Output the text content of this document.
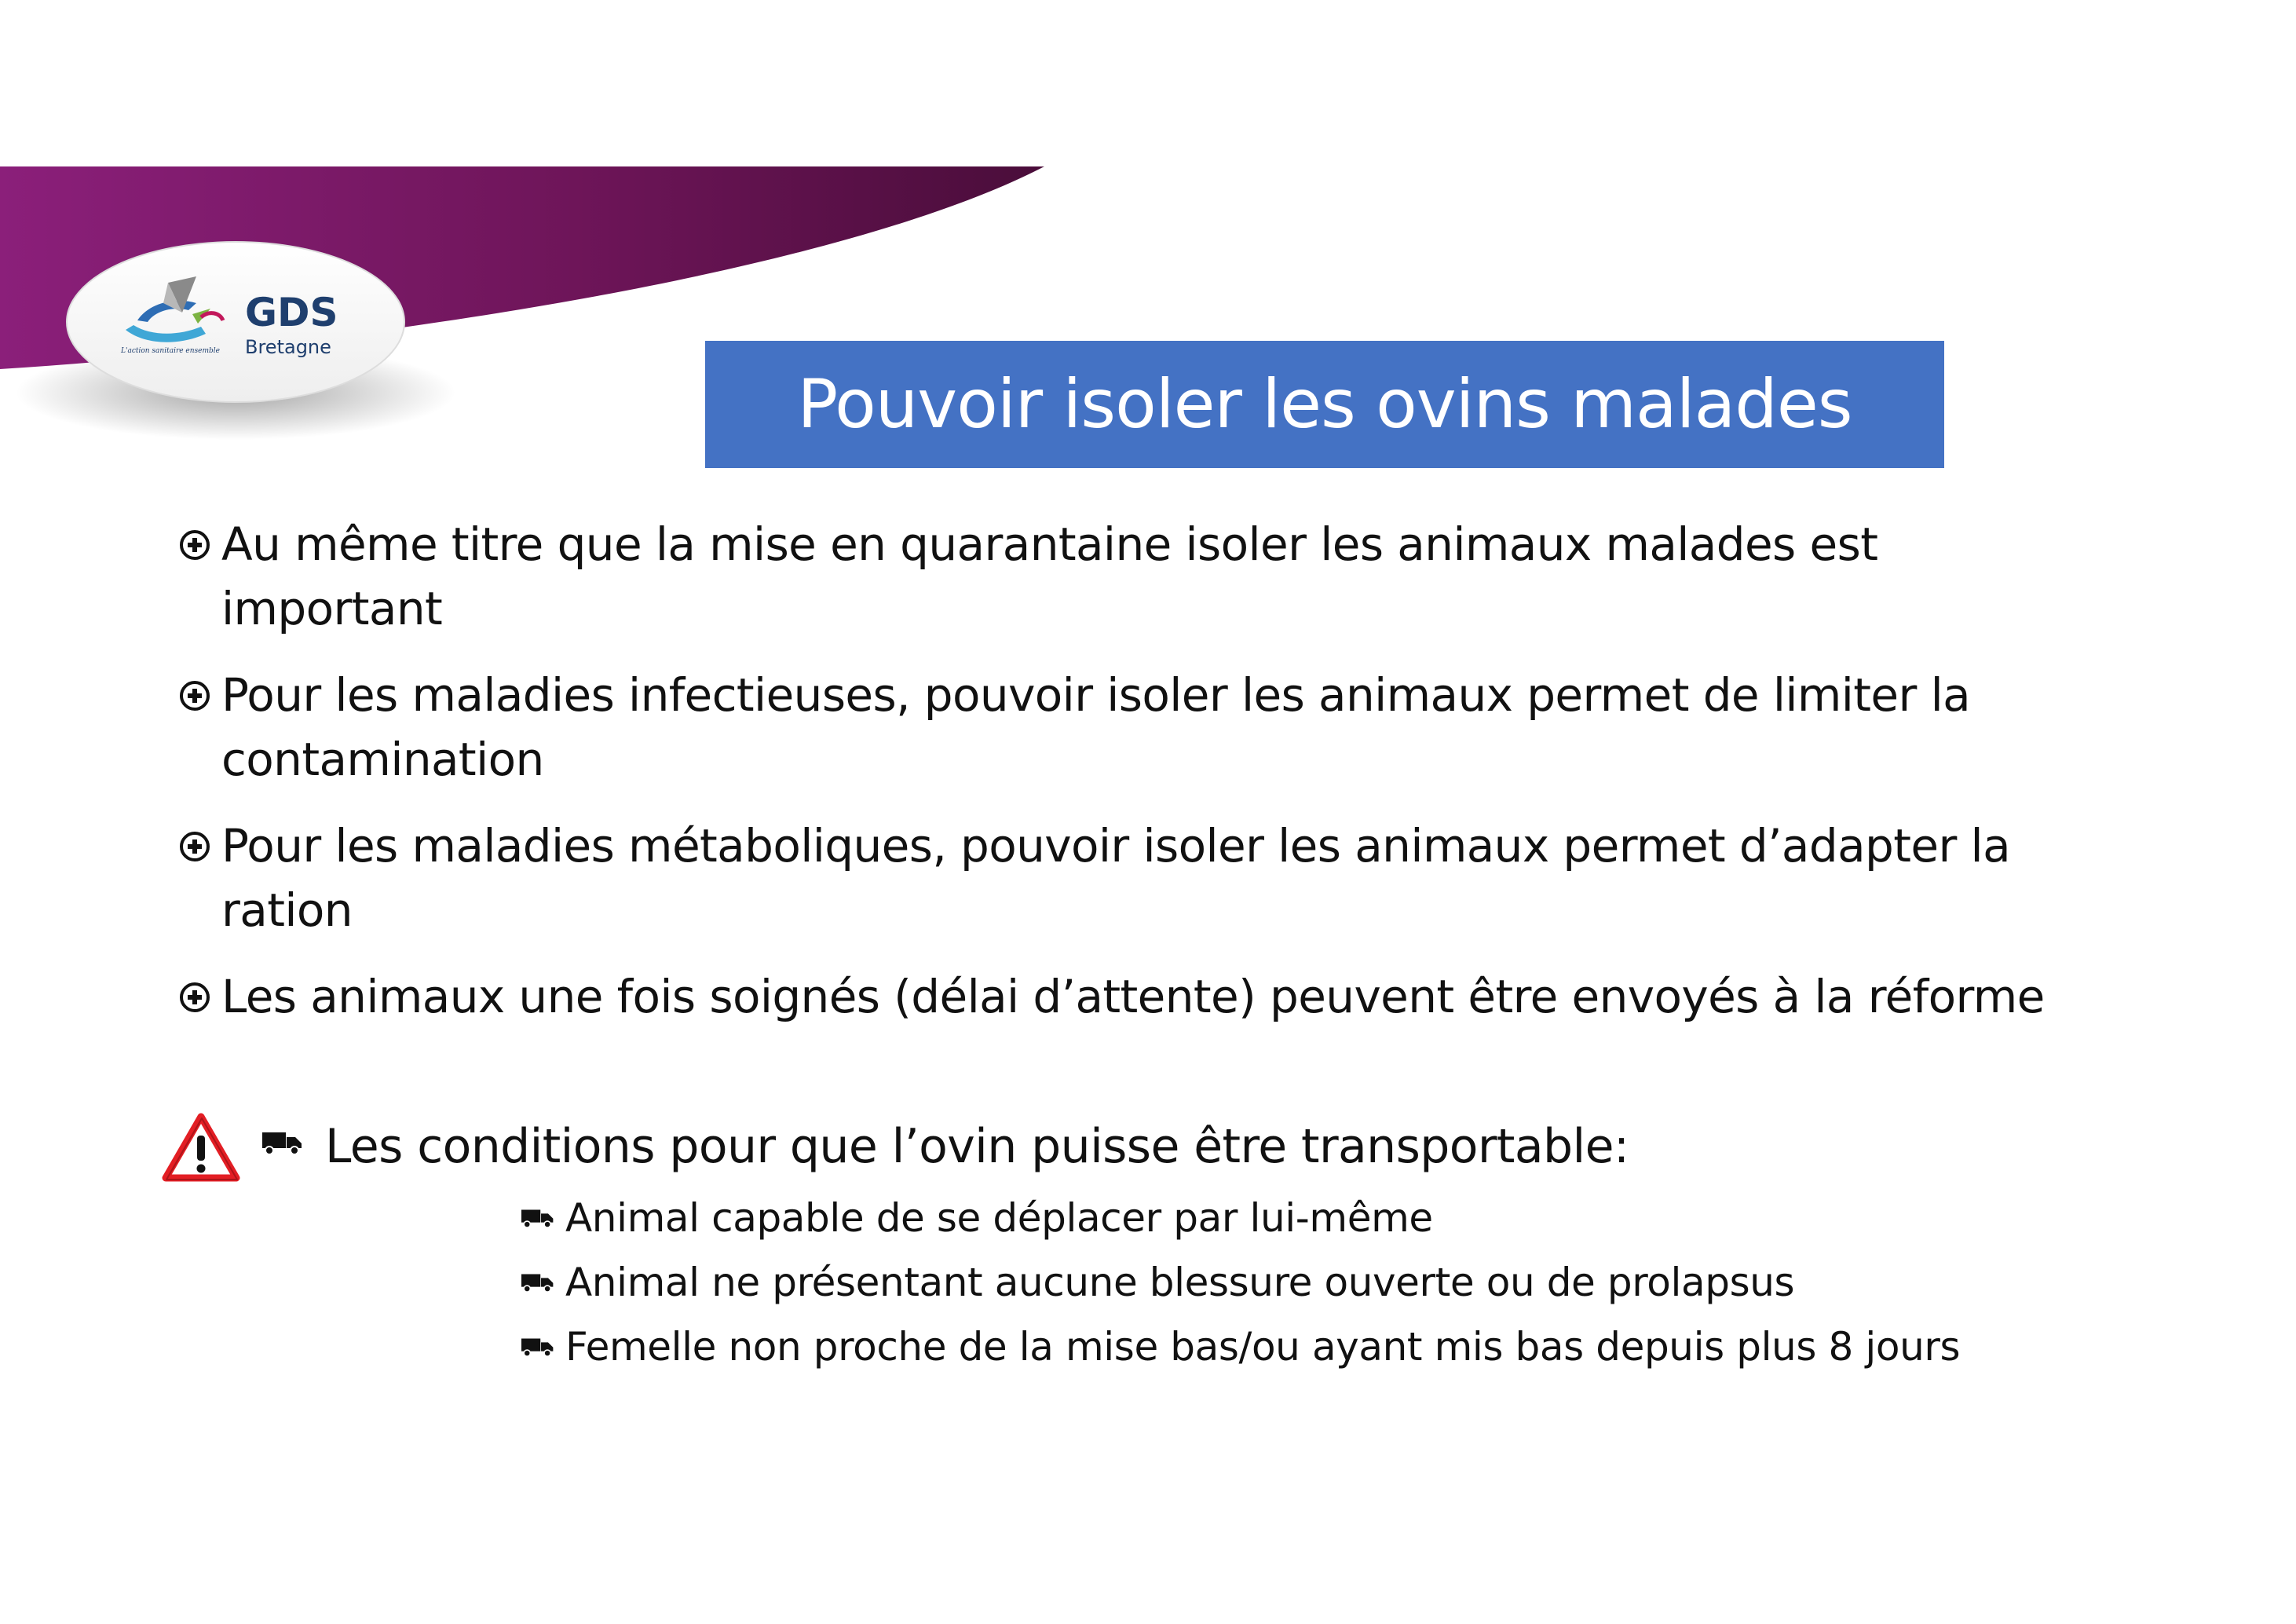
GDS
Bretagne
L'action sanitaire ensemble
Pouvoir isoler les ovins malades
Au même titre que la mise en quarantaine isoler les animaux malades est
important
Pour les maladies infectieuses, pouvoir isoler les animaux permet de limiter la
contamination
Pour les maladies métaboliques, pouvoir isoler les animaux permet d’adapter la
ration
Les animaux une fois soignés (délai d’attente) peuvent être envoyés à la réforme
Les conditions pour que l’ovin puisse être transportable:
Animal capable de se déplacer par lui-même
Animal ne présentant aucune blessure ouverte ou de prolapsus
Femelle non proche de la mise bas/ou ayant mis bas depuis plus 8 jours
